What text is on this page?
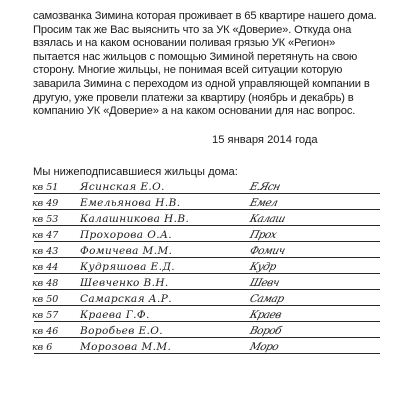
самозванка Зимина которая проживает в 65 квартире нашего дома.

Просим так же Вас выяснить что за УК «Доверие». Откуда она

взялась и на каком основании поливая грязью УК «Регион»

пытается нас жильцов с помощью Зиминой перетянуть на свою

сторону. Многие жильцы, не понимая всей ситуации которую

заварила Зимина с переходом из одной управляющей компании в

другую, уже провели платежи за квартиру (ноябрь и декабрь) в

компанию УК «Доверие» а на каком основании для нас вопрос.

15 января 2014 года
Мы нижеподписавшиеся жильцы дома:
кв 51 Ясинская Е.О.	Е.Ясн
кв 49 Емельянова Н.В.	Емел
кв 53 Калашникова Н.В.	Калаш
кв 47 Прохорова О.А.	Прох
кв 43 Фомичева М.М.	Фомич
кв 44 Кудряшова Е.Д.	Кудр
кв 48 Шевченко В.Н.	Шевч
кв 50 Самарская А.Р.	Самар
кв 57 Краева Г.Ф.	Краев
кв 46 Воробьев Е.О.	Вороб
кв 6	Морозова М.М.	Моро
